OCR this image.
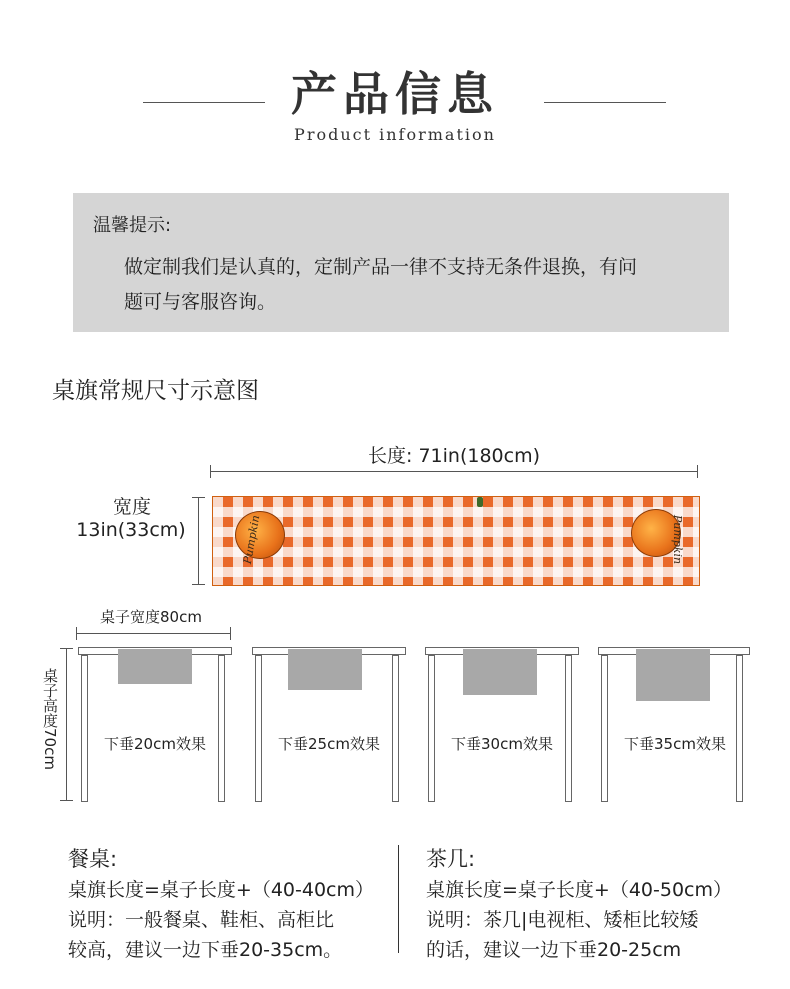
产品信息
Product information
温馨提示:
做定制我们是认真的，定制产品一律不支持无条件退换，有问
题可与客服咨询。
桌旗常规尺寸示意图
长度: 71in(180cm)
宽度
13in(33cm)	Pumpkin	Pumpkin
桌子宽度80cm
桌子高度70cm	下垂20cm效果	下垂25cm效果	下垂30cm效果	下垂35cm效果
餐桌:
桌旗长度=桌子长度+（40-40cm）
说明：一般餐桌、鞋柜、高柜比
较高，建议一边下垂20-35cm。
茶几:
桌旗长度=桌子长度+（40-50cm）
说明：茶几|电视柜、矮柜比较矮
的话，建议一边下垂20-25cm
